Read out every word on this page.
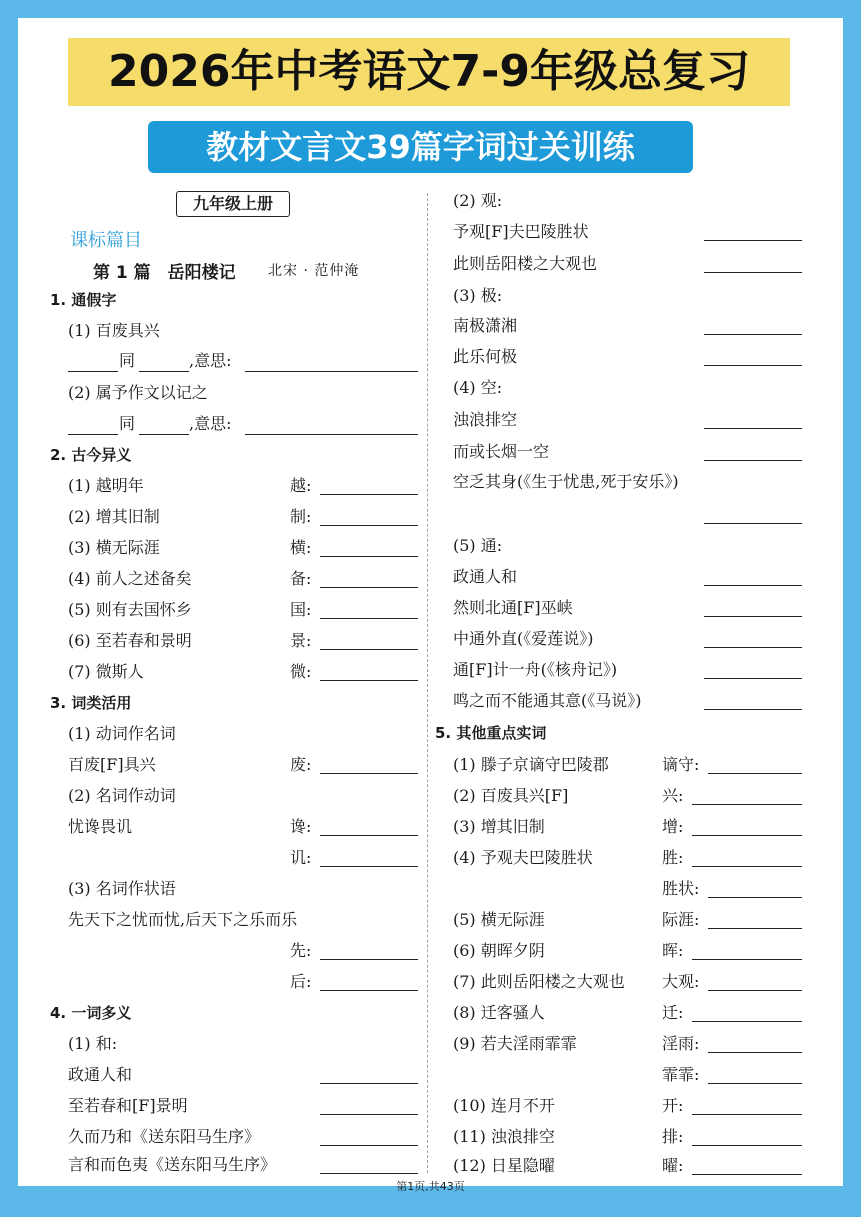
2026年中考语文7-9年级总复习
教材文言文39篇字词过关训练
九年级上册
课标篇目
第 1 篇　岳阳楼记 北宋 · 范仲淹
1. 通假字
(1) 百废具兴
同	,意思:
(2) 属予作文以记之
同	,意思:
2. 古今异义
(1) 越明年	越:
(2) 增其旧制	制:
(3) 横无际涯	横:
(4) 前人之述备矣	备:
(5) 则有去国怀乡	国:
(6) 至若春和景明	景:
(7) 微斯人	微:
3. 词类活用
(1) 动词作名词
百废[F]具兴	废:
(2) 名词作动词
忧谗畏讥	谗:
讥:
(3) 名词作状语
先天下之忧而忧,后天下之乐而乐
先:
后:
4. 一词多义
(1) 和:
政通人和
至若春和[F]景明
久而乃和《送东阳马生序》
言和而色夷《送东阳马生序》
(2) 观:
予观[F]夫巴陵胜状
此则岳阳楼之大观也
(3) 极:
南极潇湘
此乐何极
(4) 空:
浊浪排空
而或长烟一空
空乏其身(《生于忧患,死于安乐》)
(5) 通:
政通人和
然则北通[F]巫峡
中通外直(《爱莲说》)
通[F]计一舟(《核舟记》)
鸣之而不能通其意(《马说》)
5. 其他重点实词
(1) 滕子京谪守巴陵郡	谪守:
(2) 百废具兴[F]	兴:
(3) 增其旧制	增:
(4) 予观夫巴陵胜状	胜:
胜状:
(5) 横无际涯	际涯:
(6) 朝晖夕阴	晖:
(7) 此则岳阳楼之大观也 大观:
(8) 迁客骚人	迁:
(9) 若夫淫雨霏霏	淫雨:
霏霏:
(10) 连月不开	开:
(11) 浊浪排空	排:
(12) 日星隐曜	曜:
第1页,共43页
